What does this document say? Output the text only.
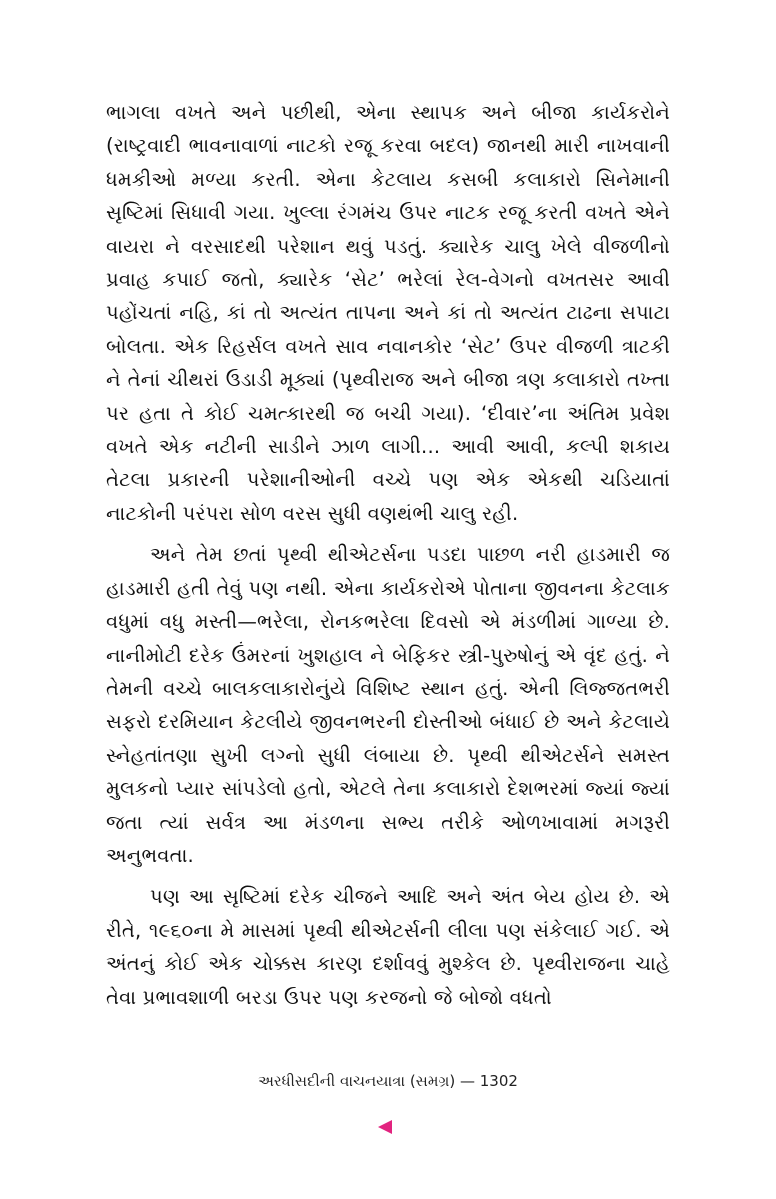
ભાગલા વખતે અને પછીથી, એના સ્થાપક અને બીજા કાર્યકરોને (રાષ્ટ્રવાદી ભાવનાવાળાં નાટકો રજૂ કરવા બદલ) જાનથી મારી નાખવાની ધમકીઓ મળ્યા કરતી. એના કેટલાય કસબી કલાકારો સિનેમાની સૃષ્ટિમાં સિધાવી ગયા. ખુલ્લા રંગમંચ ઉપર નાટક રજૂ કરતી વખતે એને વાયરા ને વરસાદથી પરેશાન થવું પડતું. ક્યારેક ચાલુ ખેલે વીજળીનો પ્રવાહ કપાઈ જતો, ક્યારેક ‘સેટ’ ભરેલાં રેલ-વેગનો વખતસર આવી પહોંચતાં નહિ, કાં તો અત્યંત તાપના અને કાં તો અત્યંત ટાઢના સપાટા બોલતા. એક રિહર્સલ વખતે સાવ નવાનકોર ‘સેટ’ ઉપર વીજળી ત્રાટકી ને તેનાં ચીથરાં ઉડાડી મૂક્યાં (પૃથ્વીરાજ અને બીજા ત્રણ કલાકારો તખ્તા પર હતા તે કોઈ ચમત્કારથી જ બચી ગયા). ‘દીવાર’ના અંતિમ પ્રવેશ વખતે એક નટીની સાડીને ઝાળ લાગી... આવી આવી, કલ્પી શકાય તેટલા પ્રકારની પરેશાનીઓની વચ્ચે પણ એક એકથી ચડિયાતાં નાટકોની પરંપરા સોળ વરસ સુધી વણથંભી ચાલુ રહી.

અને તેમ છતાં પૃથ્વી થીએટર્સના પડદા પાછળ નરી હાડમારી જ હાડમારી હતી તેવું પણ નથી. એના કાર્યકરોએ પોતાના જીવનના કેટલાક વધુમાં વધુ મસ્તી—ભરેલા, રોનકભરેલા દિવસો એ મંડળીમાં ગાળ્યા છે. નાનીમોટી દરેક ઉંમરનાં ખુશહાલ ને બેફિકર સ્ત્રી-પુરુષોનું એ વૃંદ હતું. ને તેમની વચ્ચે બાલકલાકારોનુંયે વિશિષ્ટ સ્થાન હતું. એની લિજ્જતભરી સફરો દરમિયાન કેટલીયે જીવનભરની દોસ્તીઓ બંધાઈ છે અને કેટલાયે સ્નેહતાંતણા સુખી લગ્નો સુધી લંબાયા છે. પૃથ્વી થીએટર્સને સમસ્ત મુલકનો પ્યાર સાંપડેલો હતો, એટલે તેના કલાકારો દેશભરમાં જ્યાં જ્યાં જતા ત્યાં સર્વત્ર આ મંડળના સભ્ય તરીકે ઓળખાવામાં મગરૂરી અનુભવતા.

પણ આ સૃષ્ટિમાં દરેક ચીજને આદિ અને અંત બેય હોય છે. એ રીતે, ૧૯૬૦ના મે માસમાં પૃથ્વી થીએટર્સની લીલા પણ સંકેલાઈ ગઈ. એ અંતનું કોઈ એક ચોક્કસ કારણ દર્શાવવું મુશ્કેલ છે. પૃથ્વીરાજના ચાહે તેવા પ્રભાવશાળી બરડા ઉપર પણ કરજનો જે બોજો વધતો

અરધીસદીની વાચનયાત્રા (સમગ્ર) — 1302
